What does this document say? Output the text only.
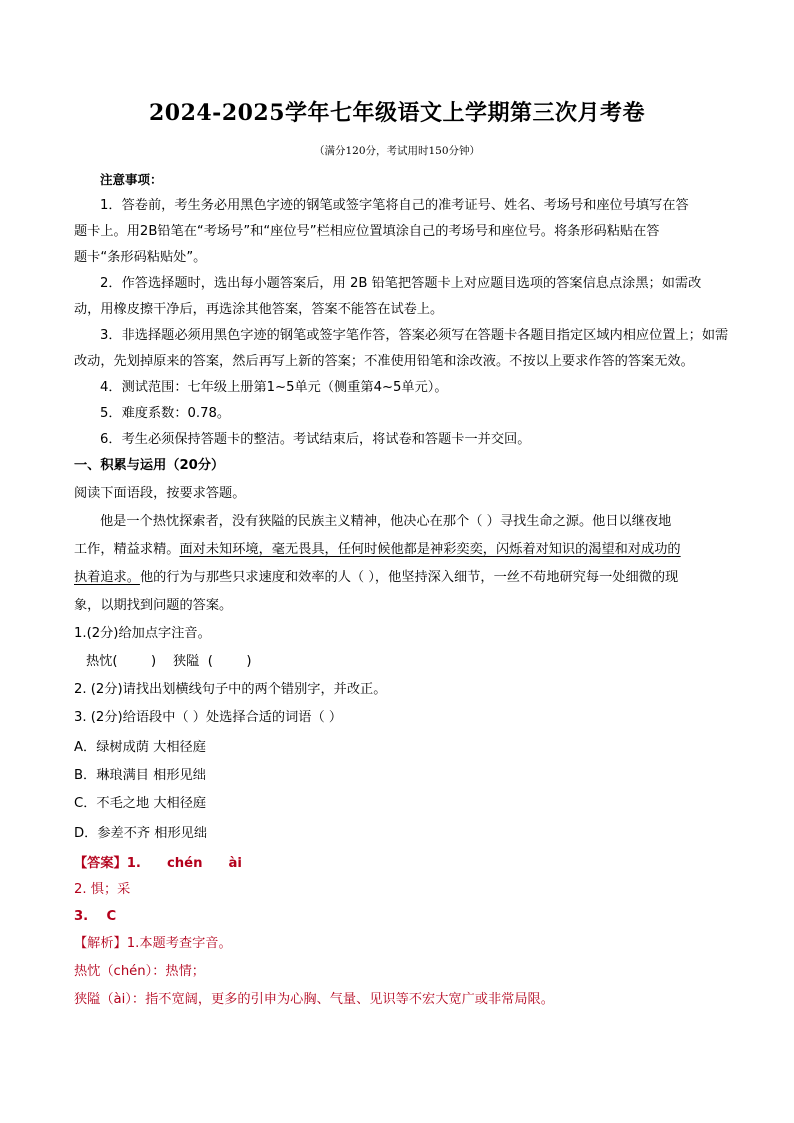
2024-2025学年七年级语文上学期第三次月考卷
（满分120分，考试用时150分钟）
注意事项：
1．答卷前，考生务必用黑色字迹的钢笔或签字笔将自己的准考证号、姓名、考场号和座位号填写在答
题卡上。用2B铅笔在“考场号”和“座位号”栏相应位置填涂自己的考场号和座位号。将条形码粘贴在答
题卡“条形码粘贴处”。
2．作答选择题时，选出每小题答案后，用 2B 铅笔把答题卡上对应题目选项的答案信息点涂黑；如需改
动，用橡皮擦干净后，再选涂其他答案，答案不能答在试卷上。
3．非选择题必须用黑色字迹的钢笔或签字笔作答，答案必须写在答题卡各题目指定区域内相应位置上；如需
改动，先划掉原来的答案，然后再写上新的答案；不准使用铅笔和涂改液。不按以上要求作答的答案无效。
4．测试范围：七年级上册第1~5单元（侧重第4~5单元）。
5．难度系数：0.78。
6．考生必须保持答题卡的整洁。考试结束后，将试卷和答题卡一并交回。
一、积累与运用（20分）
阅读下面语段，按要求答题。
他是一个热忱探索者，没有狭隘的民族主义精神，他决心在那个（ ）寻找生命之源。他日以继夜地
工作，精益求精。面对未知环境，毫无畏具，任何时候他都是神彩奕奕，闪烁着对知识的渴望和对成功的
执着追求。他的行为与那些只求速度和效率的人（ ），他坚持深入细节，一丝不苟地研究每一处细微的现
象，以期找到问题的答案。
1.(2分)给加点字注音。
热忱(        )    狭隘  (        )
2. (2分)请找出划横线句子中的两个错别字，并改正。
3. (2分)给语段中（ ）处选择合适的词语（ ）
A．绿树成荫 大相径庭
B．琳琅满目 相形见绌
C．不毛之地 大相径庭
D．参差不齐 相形见绌
【答案】1. chén ài
2. 惧；采
3.    C
【解析】1.本题考查字音。
热忱（chén）：热情；
狭隘（ài）：指不宽阔，更多的引申为心胸、气量、见识等不宏大宽广或非常局限。
